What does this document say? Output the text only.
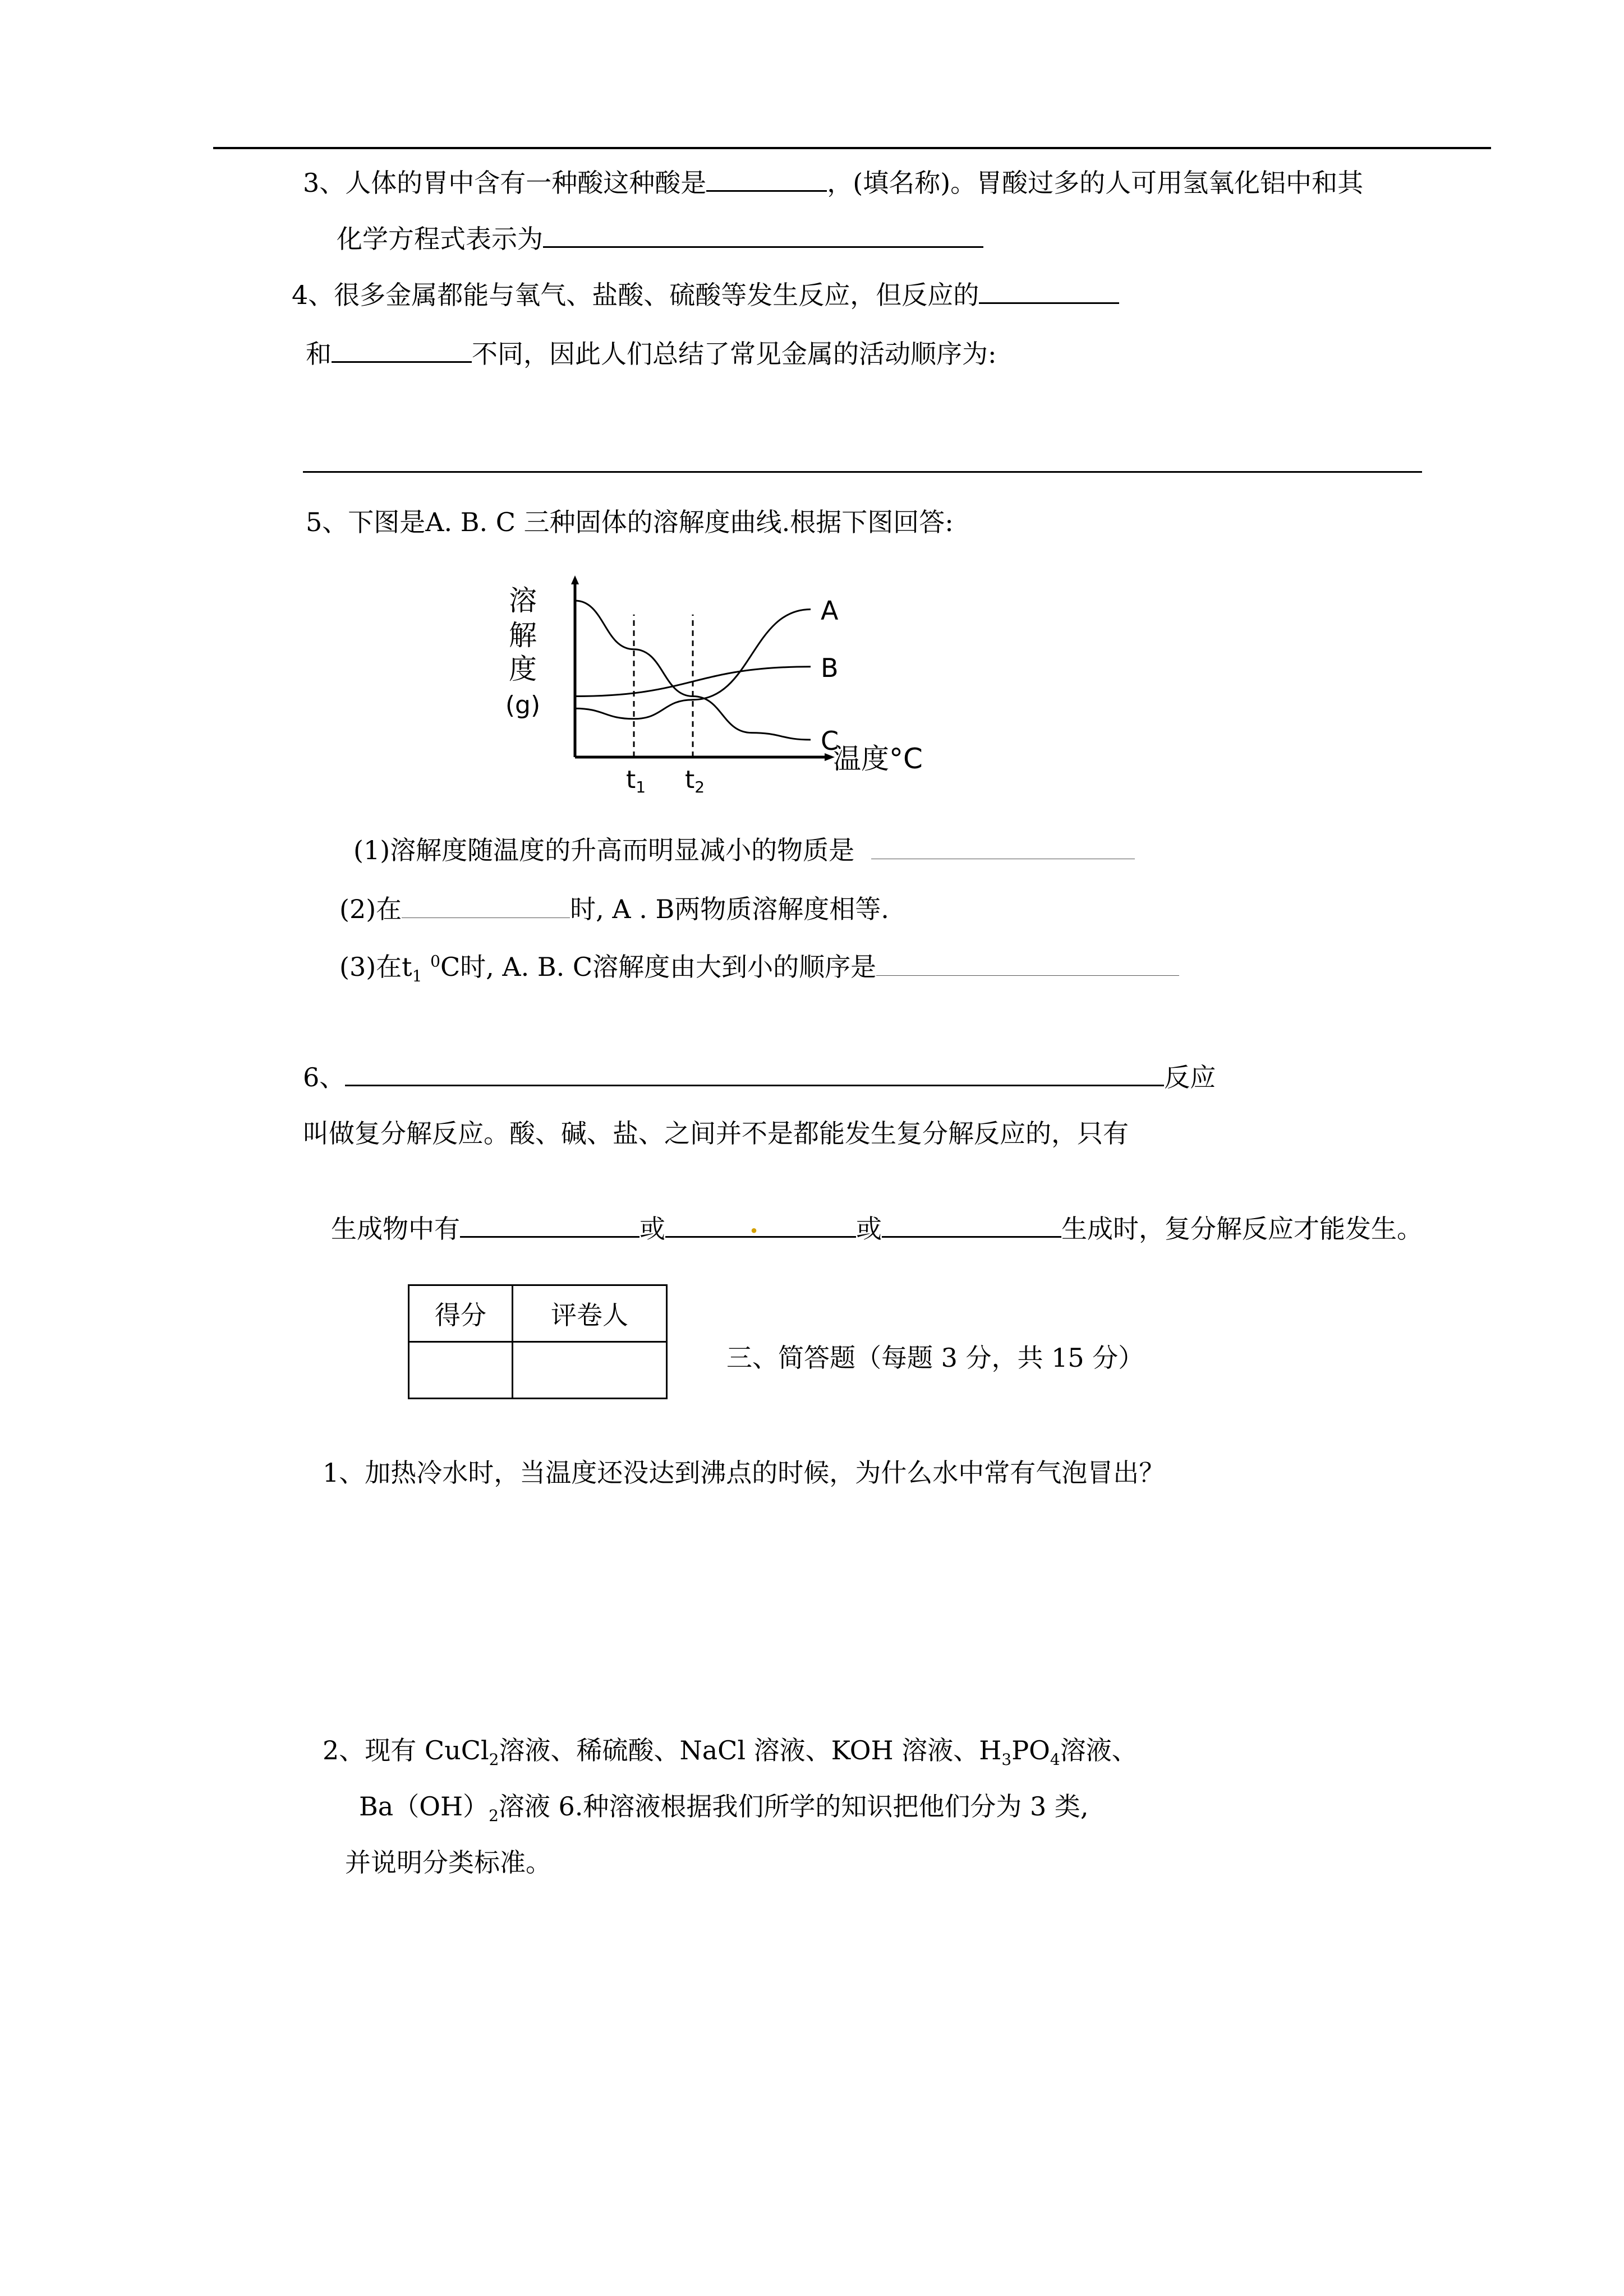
3、人体的胃中含有一种酸这种酸是	，(填名称)。胃酸过多的人可用氢氧化铝中和其
化学方程式表示为
4、很多金属都能与氧气、盐酸、硫酸等发生反应，但反应的
和	不同，因此人们总结了常见金属的活动顺序为:
5、下图是A. B. C 三种固体的溶解度曲线.根据下图回答:
溶
解
度
(g)
t1 t2
A
B
C
温度°C
(1)溶解度随温度的升高而明显减小的物质是
(2)在	时, A . B两物质溶解度相等.
(3)在$t_1$ $^0$C时, A. B. C溶解度由大到小的顺序是
6、	反应
叫做复分解反应。酸、碱、盐、之间并不是都能发生复分解反应的，只有
生成物中有	或	.	或	生成时，复分解反应才能发生。
得分	评卷人

三、简答题（每题 3 分，共 15 分）
1、加热冷水时，当温度还没达到沸点的时候，为什么水中常有气泡冒出？
2、现有 CuCl$_2$溶液、稀硫酸、NaCl 溶液、KOH 溶液、$H_3PO_4$溶液、
$Ba(OH)_2$溶液 6.种溶液根据我们所学的知识把他们分为 3 类,
并说明分类标准。
